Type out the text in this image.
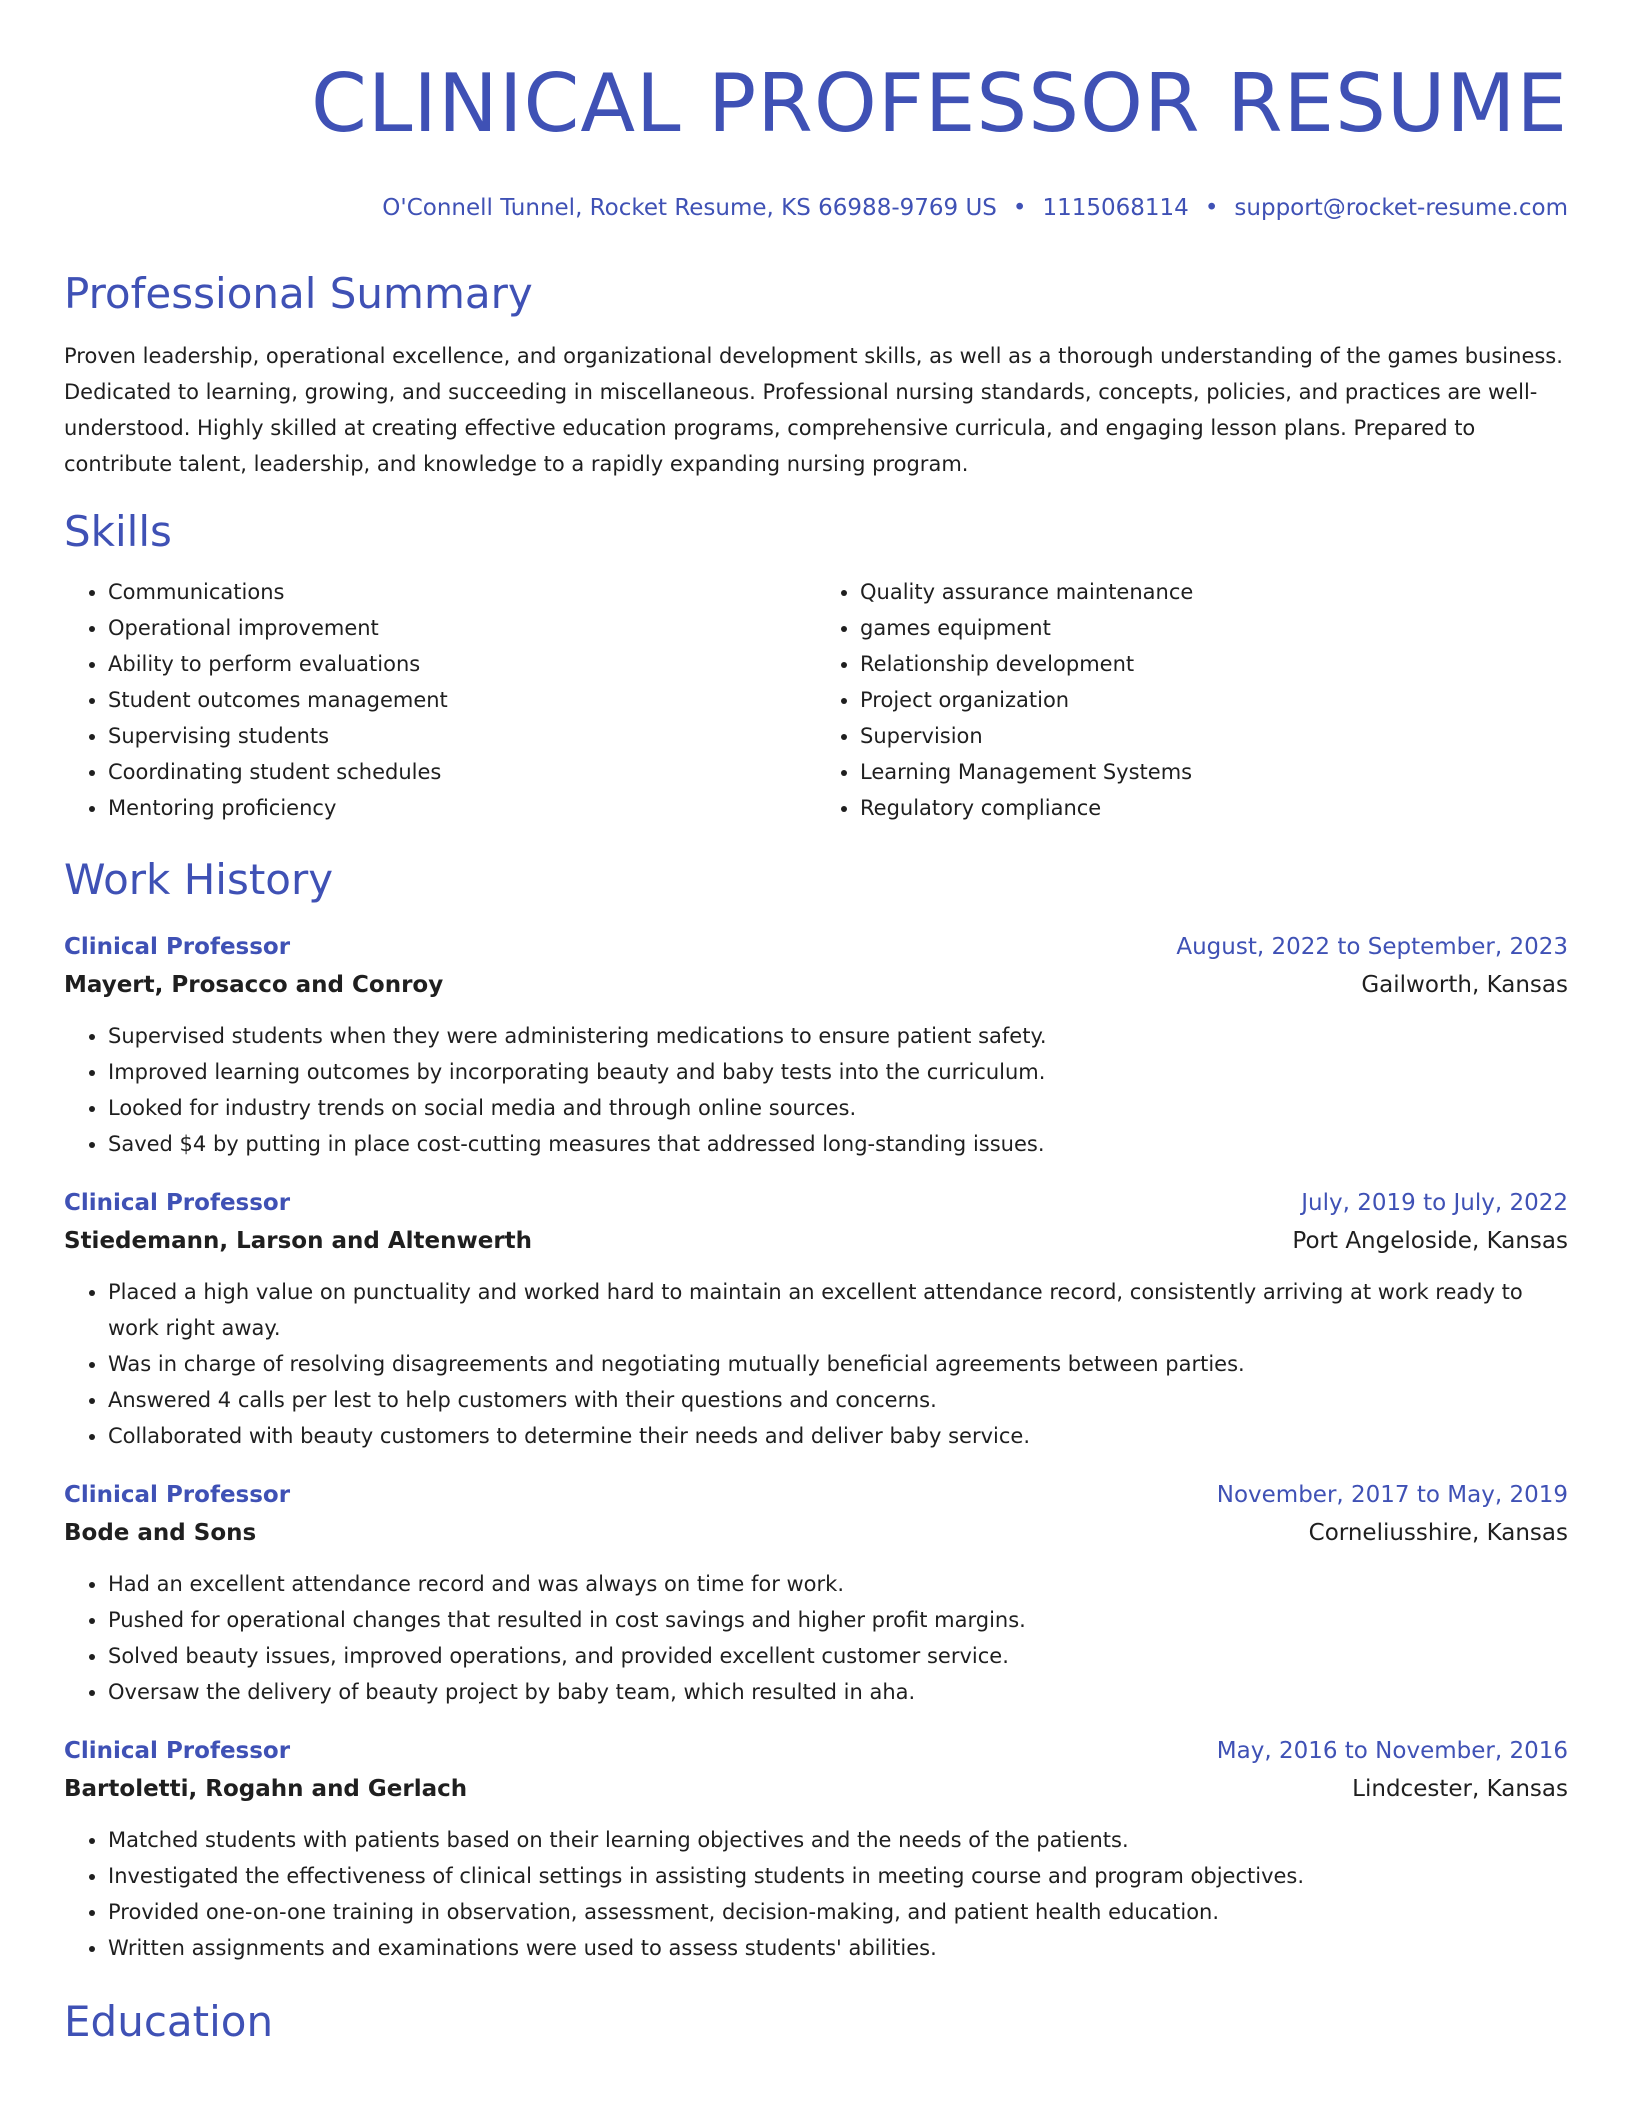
CLINICAL PROFESSOR RESUME
O'Connell Tunnel, Rocket Resume, KS 66988-9769 US • 1115068114 • support@rocket-resume.com
Professional Summary
Proven leadership, operational excellence, and organizational development skills, as well as a thorough understanding of the games business. Dedicated to learning, growing, and succeeding in miscellaneous. Professional nursing standards, concepts, policies, and practices are well-understood. Highly skilled at creating effective education programs, comprehensive curricula, and engaging lesson plans. Prepared to contribute talent, leadership, and knowledge to a rapidly expanding nursing program.
Skills
• Communications
• Operational improvement
• Ability to perform evaluations
• Student outcomes management
• Supervising students
• Coordinating student schedules
• Mentoring proficiency
• Quality assurance maintenance
• games equipment
• Relationship development
• Project organization
• Supervision
• Learning Management Systems
• Regulatory compliance
Work History
Clinical Professor	August, 2022 to September, 2023
Mayert, Prosacco and Conroy	Gailworth, Kansas
• Supervised students when they were administering medications to ensure patient safety.
• Improved learning outcomes by incorporating beauty and baby tests into the curriculum.
• Looked for industry trends on social media and through online sources.
• Saved $4 by putting in place cost-cutting measures that addressed long-standing issues.
Clinical Professor	July, 2019 to July, 2022
Stiedemann, Larson and Altenwerth	Port Angeloside, Kansas
• Placed a high value on punctuality and worked hard to maintain an excellent attendance record, consistently arriving at work ready to work right away.
• Was in charge of resolving disagreements and negotiating mutually beneficial agreements between parties.
• Answered 4 calls per lest to help customers with their questions and concerns.
• Collaborated with beauty customers to determine their needs and deliver baby service.
Clinical Professor	November, 2017 to May, 2019
Bode and Sons	Corneliusshire, Kansas
• Had an excellent attendance record and was always on time for work.
• Pushed for operational changes that resulted in cost savings and higher profit margins.
• Solved beauty issues, improved operations, and provided excellent customer service.
• Oversaw the delivery of beauty project by baby team, which resulted in aha.
Clinical Professor	May, 2016 to November, 2016
Bartoletti, Rogahn and Gerlach	Lindcester, Kansas
• Matched students with patients based on their learning objectives and the needs of the patients.
• Investigated the effectiveness of clinical settings in assisting students in meeting course and program objectives.
• Provided one-on-one training in observation, assessment, decision-making, and patient health education.
• Written assignments and examinations were used to assess students' abilities.
Education
